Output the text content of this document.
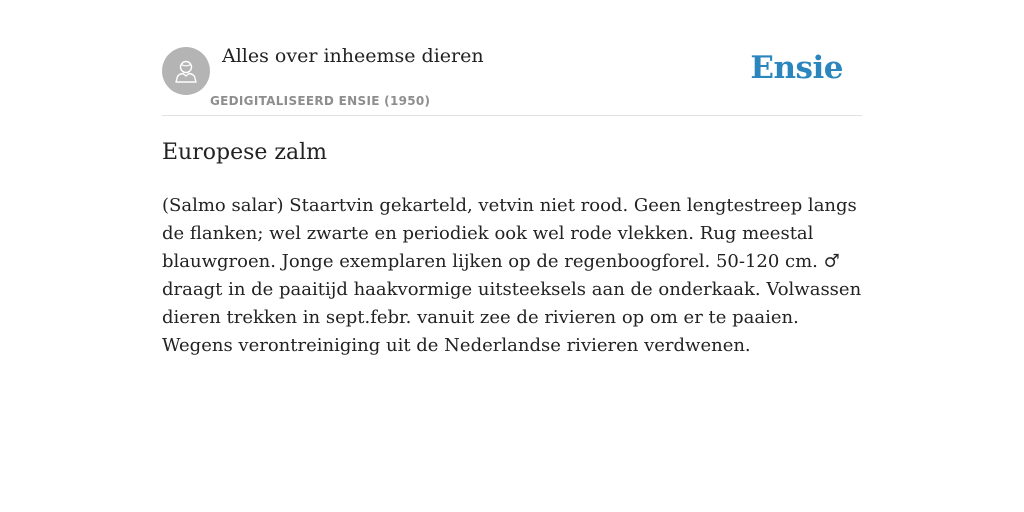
Alles over inheemse dieren
GEDIGITALISEERD ENSIE (1950)
Ensie
Europese zalm

(Salmo salar) Staartvin gekarteld, vetvin niet rood. Geen lengtestreep langs de flanken; wel zwarte en periodiek ook wel rode vlekken. Rug meestal blauwgroen. Jonge exemplaren lijken op de regenboogforel. 50-120 cm. ♂ draagt in de paaitijd haakvormige uitsteeksels aan de onderkaak. Volwassen dieren trekken in sept.febr. vanuit zee de rivieren op om er te paaien. Wegens verontreiniging uit de Nederlandse rivieren verdwenen.
